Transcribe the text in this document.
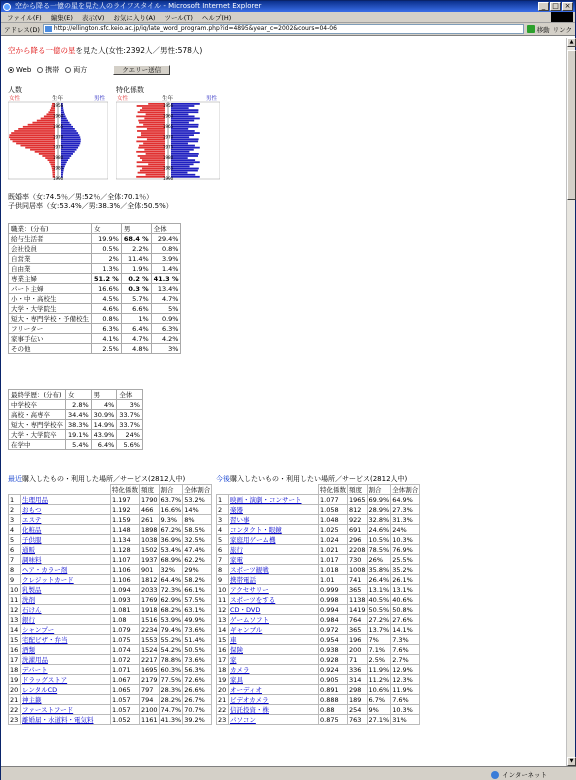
空から降る一億の星を見た人のライフスタイル - Microsoft Internet Explorer	_ □ ×
ファイル(F) 編集(E) 表示(V) お気に入り(A) ツール(T) ヘルプ(H)
アドレス(D)	http://ellington.sfc.keio.ac.jp/iq/late_word_program.php?id=4895&year_c=2002&cours=04-06	移動 リンク
空から降る一億の星を見た人(女性:2392人／男性:578人)
Web	携帯	両方	クエリー送信
人数	特化係数
女性	男性
生年
1956
1960
1965
1970
1975
1980
1985
1990
女性	男性
生年
1956
1960
1965
1970
1975
1980
1985
1990
既婚率（女:74.5％／男:52％／全体:70.1％）
子供同居率（女:53.4%／男:38.3%／全体:50.5%）
職業：(分布)	女	男	全体
給与生活者	19.9%	68.4 %	29.4%
会社役員	0.5%	2.2%	0.8%
自営業	2%	11.4%	3.9%
自由業	1.3%	1.9%	1.4%
専業主婦	51.2 %	0.2 %	41.3 %
パート主婦	16.6%	0.3 %	13.4%
小・中・高校生	4.5%	5.7%	4.7%
大学・大学院生	4.6%	6.6%	5%
短大・専門学校・予備校生	0.8%	1%	0.9%
フリーター	6.3%	6.4%	6.3%
家事手伝い	4.1%	4.7%	4.2%
その他	2.5%	4.8%	3%
最終学歴：(分布)	女	男	全体
中学校卒	2.8%	4%	3%
高校・高専卒	34.4%	30.9%	33.7%
短大・専門学校卒	38.3%	14.9%	33.7%
大学・大学院卒	19.1%	43.9%	24%
在学中	5.4%	6.4%	5.6%
最近購入したもの・利用した場所／サービス(2812人中)
		特化係数	頻度	割合	全体割合
1	生理用品	1.197	1790	63.7%	53.2%
2	おもつ	1.192	466	16.6%	14%
3	エステ	1.159	261	9.3%	8%
4	化粧品	1.148	1898	67.2%	58.5%
5	子供服	1.134	1038	36.9%	32.5%
6	通販	1.128	1502	53.4%	47.4%
7	調味料	1.107	1937	68.9%	62.2%
8	ヘア・カラー剤	1.106	901	32%	29%
9	クレジットカード	1.106	1812	64.4%	58.2%
10	乳製品	1.094	2033	72.3%	66.1%
11	洗剤	1.093	1769	62.9%	57.5%
12	石けん	1.081	1918	68.2%	63.1%
13	銀行	1.08	1516	53.9%	49.9%
14	シャンプー	1.079	2234	79.4%	73.6%
15	宅配ピザ・弁当	1.075	1553	55.2%	51.4%
16	酒類	1.074	1524	54.2%	50.5%
17	洗濯用品	1.072	2217	78.8%	73.6%
18	デパート	1.071	1695	60.3%	56.3%
19	ドラッグストア	1.067	2179	77.5%	72.6%
20	レンタルCD	1.065	797	28.3%	26.6%
21	神主籤	1.057	794	28.2%	26.7%
22	ファーストフード	1.057	2100	74.7%	70.7%
23	離婚届・水道料・電気料	1.052	1161	41.3%	39.2%
今後購入したいもの・利用したい場所／サービス(2812人中)
		特化係数	頻度	割合	全体割合
1	映画・演劇・コンサート	1.077	1965	69.9%	64.9%
2	楽器	1.058	812	28.9%	27.3%
3	習い事	1.048	922	32.8%	31.3%
4	コンタクト・眼鏡	1.025	691	24.6%	24%
5	家庭用ゲーム機	1.024	296	10.5%	10.3%
6	旅行	1.021	2208	78.5%	76.9%
7	家電	1.017	730	26%	25.5%
8	スポーツ観戦	1.018	1008	35.8%	35.2%
9	携帯電話	1.01	741	26.4%	26.1%
10	アクセサリー	0.999	365	13.1%	13.1%
11	スポーツをする	0.998	1138	40.5%	40.6%
12	CD・DVD	0.994	1419	50.5%	50.8%
13	ゲームソフト	0.984	764	27.2%	27.6%
14	ギャンブル	0.972	365	13.7%	14.1%
15	車	0.954	196	7%	7.3%
16	保険	0.938	200	7.1%	7.6%
17	家	0.928	71	2.5%	2.7%
18	カメラ	0.924	336	11.9%	12.9%
19	家具	0.905	314	11.2%	12.3%
20	オーディオ	0.891	298	10.6%	11.9%
21	ビデオカメラ	0.888	189	6.7%	7.6%
22	信託投資・株	0.88	254	9%	10.3%
23	パソコン	0.875	763	27.1%	31%
▲
▼
インターネット
